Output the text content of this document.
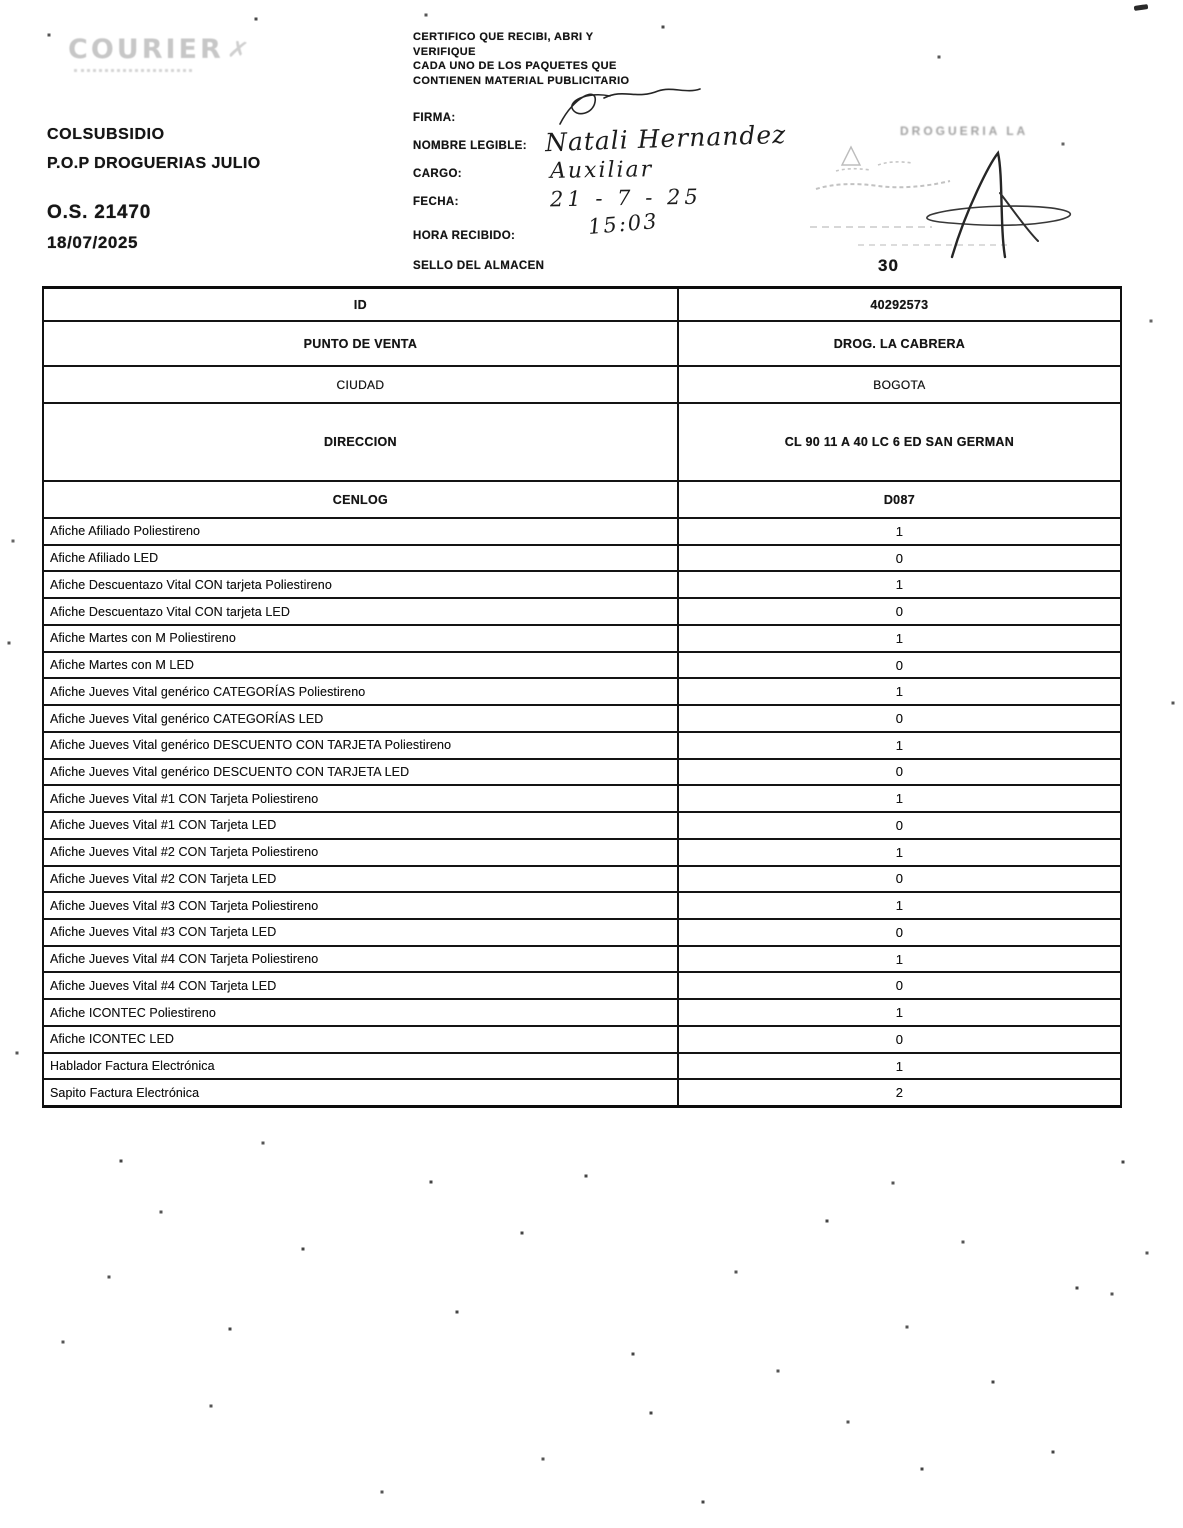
COURIER ✗
COLSUBSIDIO
P.O.P DROGUERIAS JULIO
O.S. 21470
18/07/2025
CERTIFICO QUE RECIBI, ABRI Y
VERIFIQUE
CADA UNO DE LOS PAQUETES QUE
CONTIENEN MATERIAL PUBLICITARIO
FIRMA:
NOMBRE LEGIBLE:
CARGO:
FECHA:
HORA RECIBIDO:
SELLO DEL ALMACEN
Natali Hernandez
Auxiliar
21 - 7 - 25
15:03
DROGUERIA LA
30
ID	40292573
PUNTO DE VENTA	DROG. LA CABRERA
CIUDAD	BOGOTA
DIRECCION	CL 90 11 A 40 LC 6 ED SAN GERMAN
CENLOG	D087
Afiche Afiliado Poliestireno	1
Afiche Afiliado LED	0
Afiche Descuentazo Vital CON tarjeta Poliestireno	1
Afiche Descuentazo Vital CON tarjeta LED	0
Afiche Martes con M Poliestireno	1
Afiche Martes con M LED	0
Afiche Jueves Vital genérico CATEGORÍAS Poliestireno	1
Afiche Jueves Vital genérico CATEGORÍAS LED	0
Afiche Jueves Vital genérico DESCUENTO CON TARJETA Poliestireno	1
Afiche Jueves Vital genérico DESCUENTO CON TARJETA LED	0
Afiche Jueves Vital #1 CON Tarjeta Poliestireno	1
Afiche Jueves Vital #1 CON Tarjeta LED	0
Afiche Jueves Vital #2 CON Tarjeta Poliestireno	1
Afiche Jueves Vital #2 CON Tarjeta LED	0
Afiche Jueves Vital #3 CON Tarjeta Poliestireno	1
Afiche Jueves Vital #3 CON Tarjeta LED	0
Afiche Jueves Vital #4 CON Tarjeta Poliestireno	1
Afiche Jueves Vital #4 CON Tarjeta LED	0
Afiche ICONTEC Poliestireno	1
Afiche ICONTEC LED	0
Hablador Factura Electrónica	1
Sapito Factura Electrónica	2
